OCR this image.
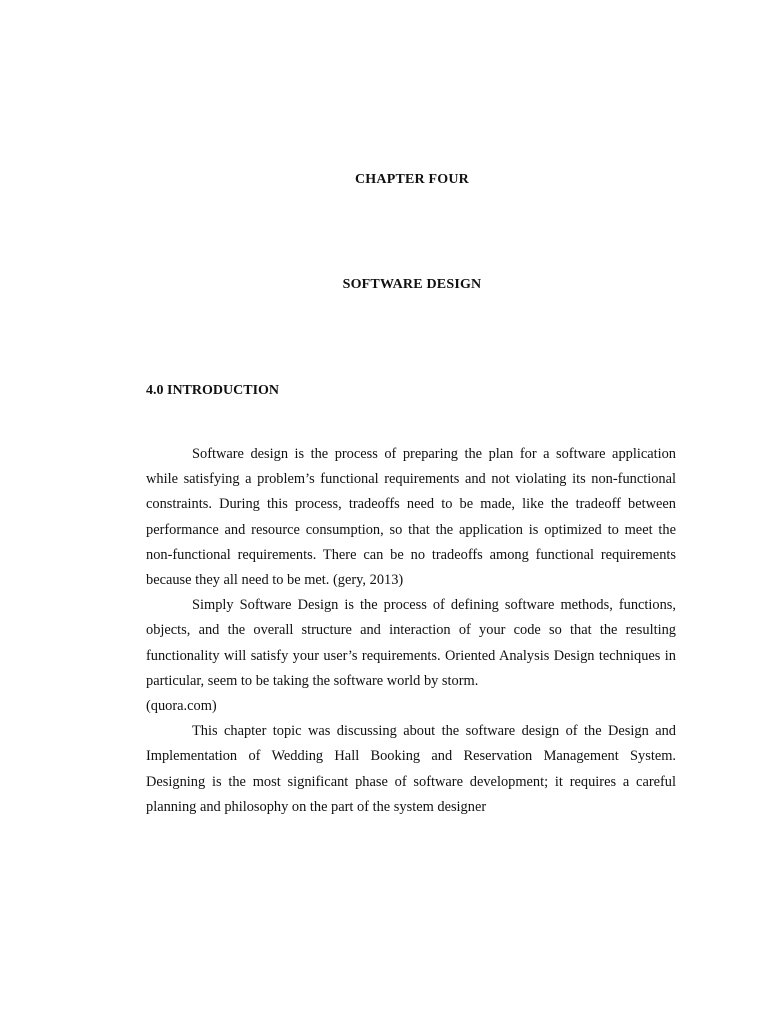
CHAPTER FOUR
SOFTWARE DESIGN
4.0 INTRODUCTION

Software design is the process of preparing the plan for a software application while satisfying a problem’s functional requirements and not violating its non-functional constraints. During this process, tradeoffs need to be made, like the tradeoff between performance and resource consumption, so that the application is optimized to meet the non-functional requirements. There can be no tradeoffs among functional requirements because they all need to be met. (gery, 2013)

Simply Software Design is the process of defining software methods, functions, objects, and the overall structure and interaction of your code so that the resulting functionality will satisfy your user’s requirements. Oriented Analysis Design techniques in particular, seem to be taking the software world by storm.

(quora.com)

This chapter topic was discussing about the software design of the Design and Implementation of Wedding Hall Booking and Reservation Management System. Designing is the most significant phase of software development; it requires a careful planning and philosophy on the part of the system designer
